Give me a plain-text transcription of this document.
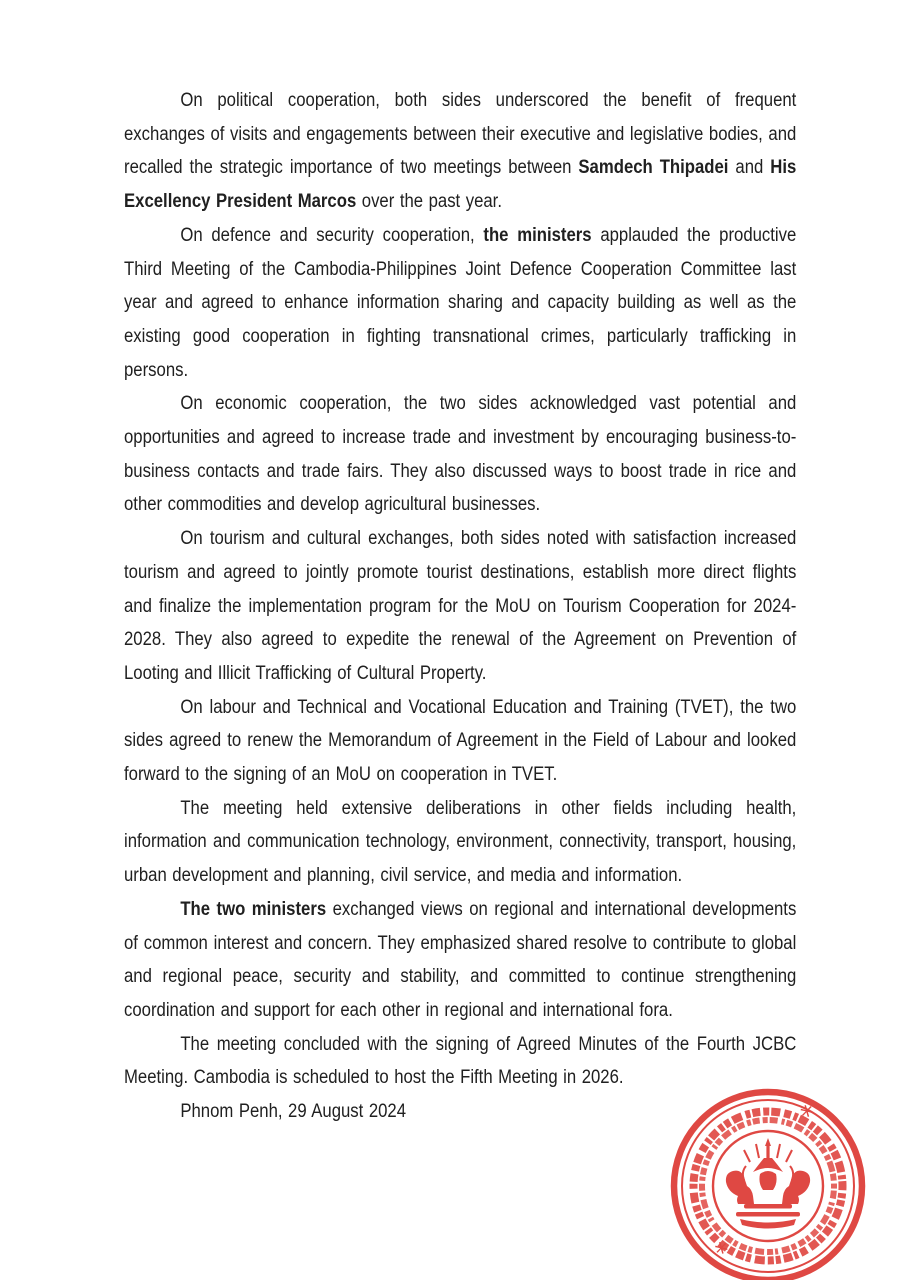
On political cooperation, both sides underscored the benefit of frequent exchanges of visits and engagements between their executive and legislative bodies, and recalled the strategic importance of two meetings between Samdech Thipadei and His Excellency President Marcos over the past year.

On defence and security cooperation, the ministers applauded the productive Third Meeting of the Cambodia-Philippines Joint Defence Cooperation Committee last year and agreed to enhance information sharing and capacity building as well as the existing good cooperation in fighting transnational crimes, particularly trafficking in persons.

On economic cooperation, the two sides acknowledged vast potential and opportunities and agreed to increase trade and investment by encouraging business-to-business contacts and trade fairs. They also discussed ways to boost trade in rice and other commodities and develop agricultural businesses.

On tourism and cultural exchanges, both sides noted with satisfaction increased tourism and agreed to jointly promote tourist destinations, establish more direct flights and finalize the implementation program for the MoU on Tourism Cooperation for 2024-2028. They also agreed to expedite the renewal of the Agreement on Prevention of Looting and Illicit Trafficking of Cultural Property.

On labour and Technical and Vocational Education and Training (TVET), the two sides agreed to renew the Memorandum of Agreement in the Field of Labour and looked forward to the signing of an MoU on cooperation in TVET.

The meeting held extensive deliberations in other fields including health, information and communication technology, environment, connectivity, transport, housing, urban development and planning, civil service, and media and information.

The two ministers exchanged views on regional and international developments of common interest and concern. They emphasized shared resolve to contribute to global and regional peace, security and stability, and committed to continue strengthening coordination and support for each other in regional and international fora.

The meeting concluded with the signing of Agreed Minutes of the Fourth JCBC Meeting. Cambodia is scheduled to host the Fifth Meeting in 2026.

Phnom Penh, 29 August 2024	*
*
